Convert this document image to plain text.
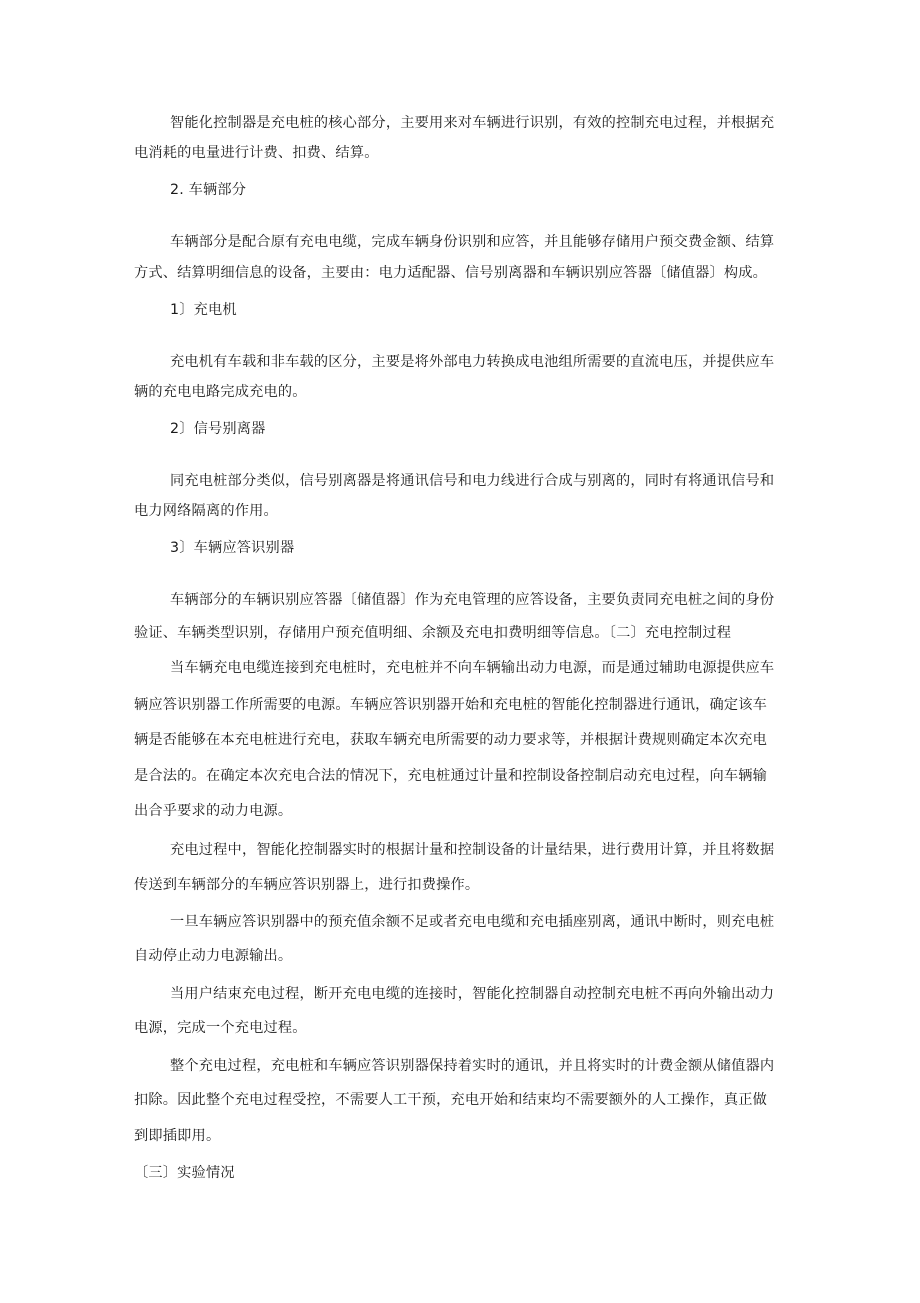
智能化控制器是充电桩的核心部分，主要用来对车辆进行识别，有效的控制充电过程，并根据充
电消耗的电量进行计费、扣费、结算。
2. 车辆部分
车辆部分是配合原有充电电缆，完成车辆身份识别和应答，并且能够存储用户预交费金额、结算
方式、结算明细信息的设备，主要由：电力适配器、信号别离器和车辆识别应答器〔储值器〕构成。
1〕充电机
充电机有车载和非车载的区分，主要是将外部电力转换成电池组所需要的直流电压，并提供应车
辆的充电电路完成充电的。
2〕信号别离器
同充电桩部分类似，信号别离器是将通讯信号和电力线进行合成与别离的，同时有将通讯信号和
电力网络隔离的作用。
3〕车辆应答识别器
车辆部分的车辆识别应答器〔储值器〕作为充电管理的应答设备，主要负责同充电桩之间的身份
验证、车辆类型识别，存储用户预充值明细、余额及充电扣费明细等信息。〔二〕充电控制过程
当车辆充电电缆连接到充电桩时，充电桩并不向车辆输出动力电源，而是通过辅助电源提供应车
辆应答识别器工作所需要的电源。车辆应答识别器开始和充电桩的智能化控制器进行通讯，确定该车
辆是否能够在本充电桩进行充电，获取车辆充电所需要的动力要求等，并根据计费规则确定本次充电
是合法的。在确定本次充电合法的情况下，充电桩通过计量和控制设备控制启动充电过程，向车辆输
出合乎要求的动力电源。
充电过程中，智能化控制器实时的根据计量和控制设备的计量结果，进行费用计算，并且将数据
传送到车辆部分的车辆应答识别器上，进行扣费操作。
一旦车辆应答识别器中的预充值余额不足或者充电电缆和充电插座别离，通讯中断时，则充电桩
自动停止动力电源输出。
当用户结束充电过程，断开充电电缆的连接时，智能化控制器自动控制充电桩不再向外输出动力
电源，完成一个充电过程。
整个充电过程，充电桩和车辆应答识别器保持着实时的通讯，并且将实时的计费金额从储值器内
扣除。因此整个充电过程受控，不需要人工干预，充电开始和结束均不需要额外的人工操作，真正做
到即插即用。
〔三〕实验情况
